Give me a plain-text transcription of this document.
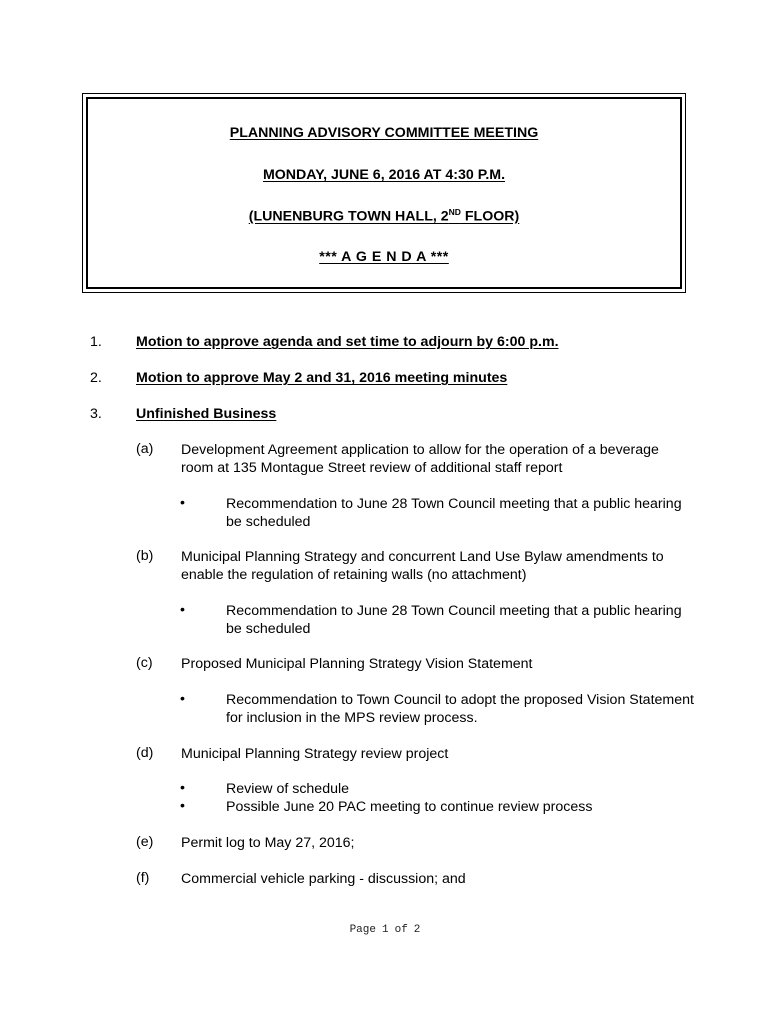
PLANNING ADVISORY COMMITTEE MEETING
MONDAY, JUNE 6, 2016 AT 4:30 P.M.
(LUNENBURG TOWN HALL, 2ND FLOOR)
*** A G E N D A ***
1. Motion to approve agenda and set time to adjourn by 6:00 p.m.
2. Motion to approve May 2 and 31, 2016 meeting minutes
3. Unfinished Business
(a) Development Agreement application to allow for the operation of a beverage room at 135 Montague Street review of additional staff report
•	Recommendation to June 28 Town Council meeting that a public hearing be scheduled
(b) Municipal Planning Strategy and concurrent Land Use Bylaw amendments to enable the regulation of retaining walls (no attachment)
•	Recommendation to June 28 Town Council meeting that a public hearing be scheduled
(c) Proposed Municipal Planning Strategy Vision Statement
•	Recommendation to Town Council to adopt the proposed Vision Statement for inclusion in the MPS review process.
(d) Municipal Planning Strategy review project
•	Review of schedule
•	Possible June 20 PAC meeting to continue review process
(e) Permit log to May 27, 2016;
(f) Commercial vehicle parking - discussion; and
Page 1 of 2
